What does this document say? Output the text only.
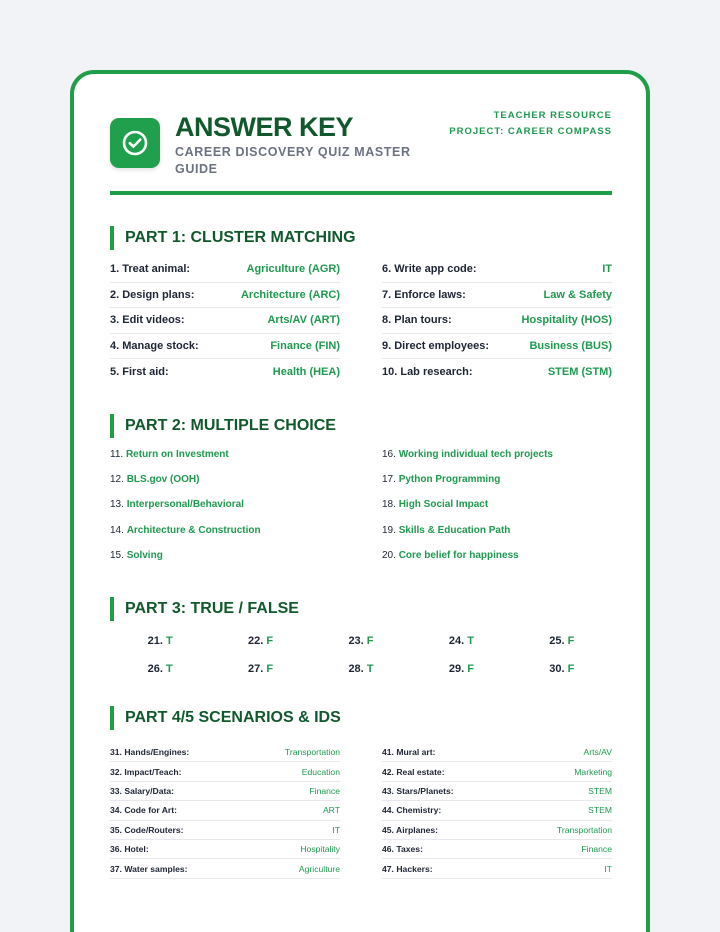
ANSWER KEY
CAREER DISCOVERY QUIZ MASTER GUIDE
TEACHER RESOURCE
PROJECT: CAREER COMPASS
PART 1: CLUSTER MATCHING
1. Treat animal:	Agriculture (AGR)
2. Design plans:	Architecture (ARC)
3. Edit videos:	Arts/AV (ART)
4. Manage stock:	Finance (FIN)
5. First aid:	Health (HEA)
6. Write app code:	IT
7. Enforce laws:	Law & Safety
8. Plan tours:	Hospitality (HOS)
9. Direct employees:	Business (BUS)
10. Lab research:	STEM (STM)
PART 2: MULTIPLE CHOICE
11. Return on Investment	16. Working individual tech projects
12. BLS.gov (OOH)	17. Python Programming
13. Interpersonal/Behavioral	18. High Social Impact
14. Architecture & Construction	19. Skills & Education Path
15. Solving	20. Core belief for happiness
PART 3: TRUE / FALSE
21. T	22. F	23. F	24. T	25. F
26. T	27. F	28. T	29. F	30. F
PART 4/5 SCENARIOS & IDS
31. Hands/Engines:	Transportation
32. Impact/Teach:	Education
33. Salary/Data:	Finance
34. Code for Art:	ART
35. Code/Routers:	IT
36. Hotel:	Hospitality
37. Water samples:	Agriculture
41. Mural art:	Arts/AV
42. Real estate:	Marketing
43. Stars/Planets:	STEM
44. Chemistry:	STEM
45. Airplanes:	Transportation
46. Taxes:	Finance
47. Hackers:	IT
